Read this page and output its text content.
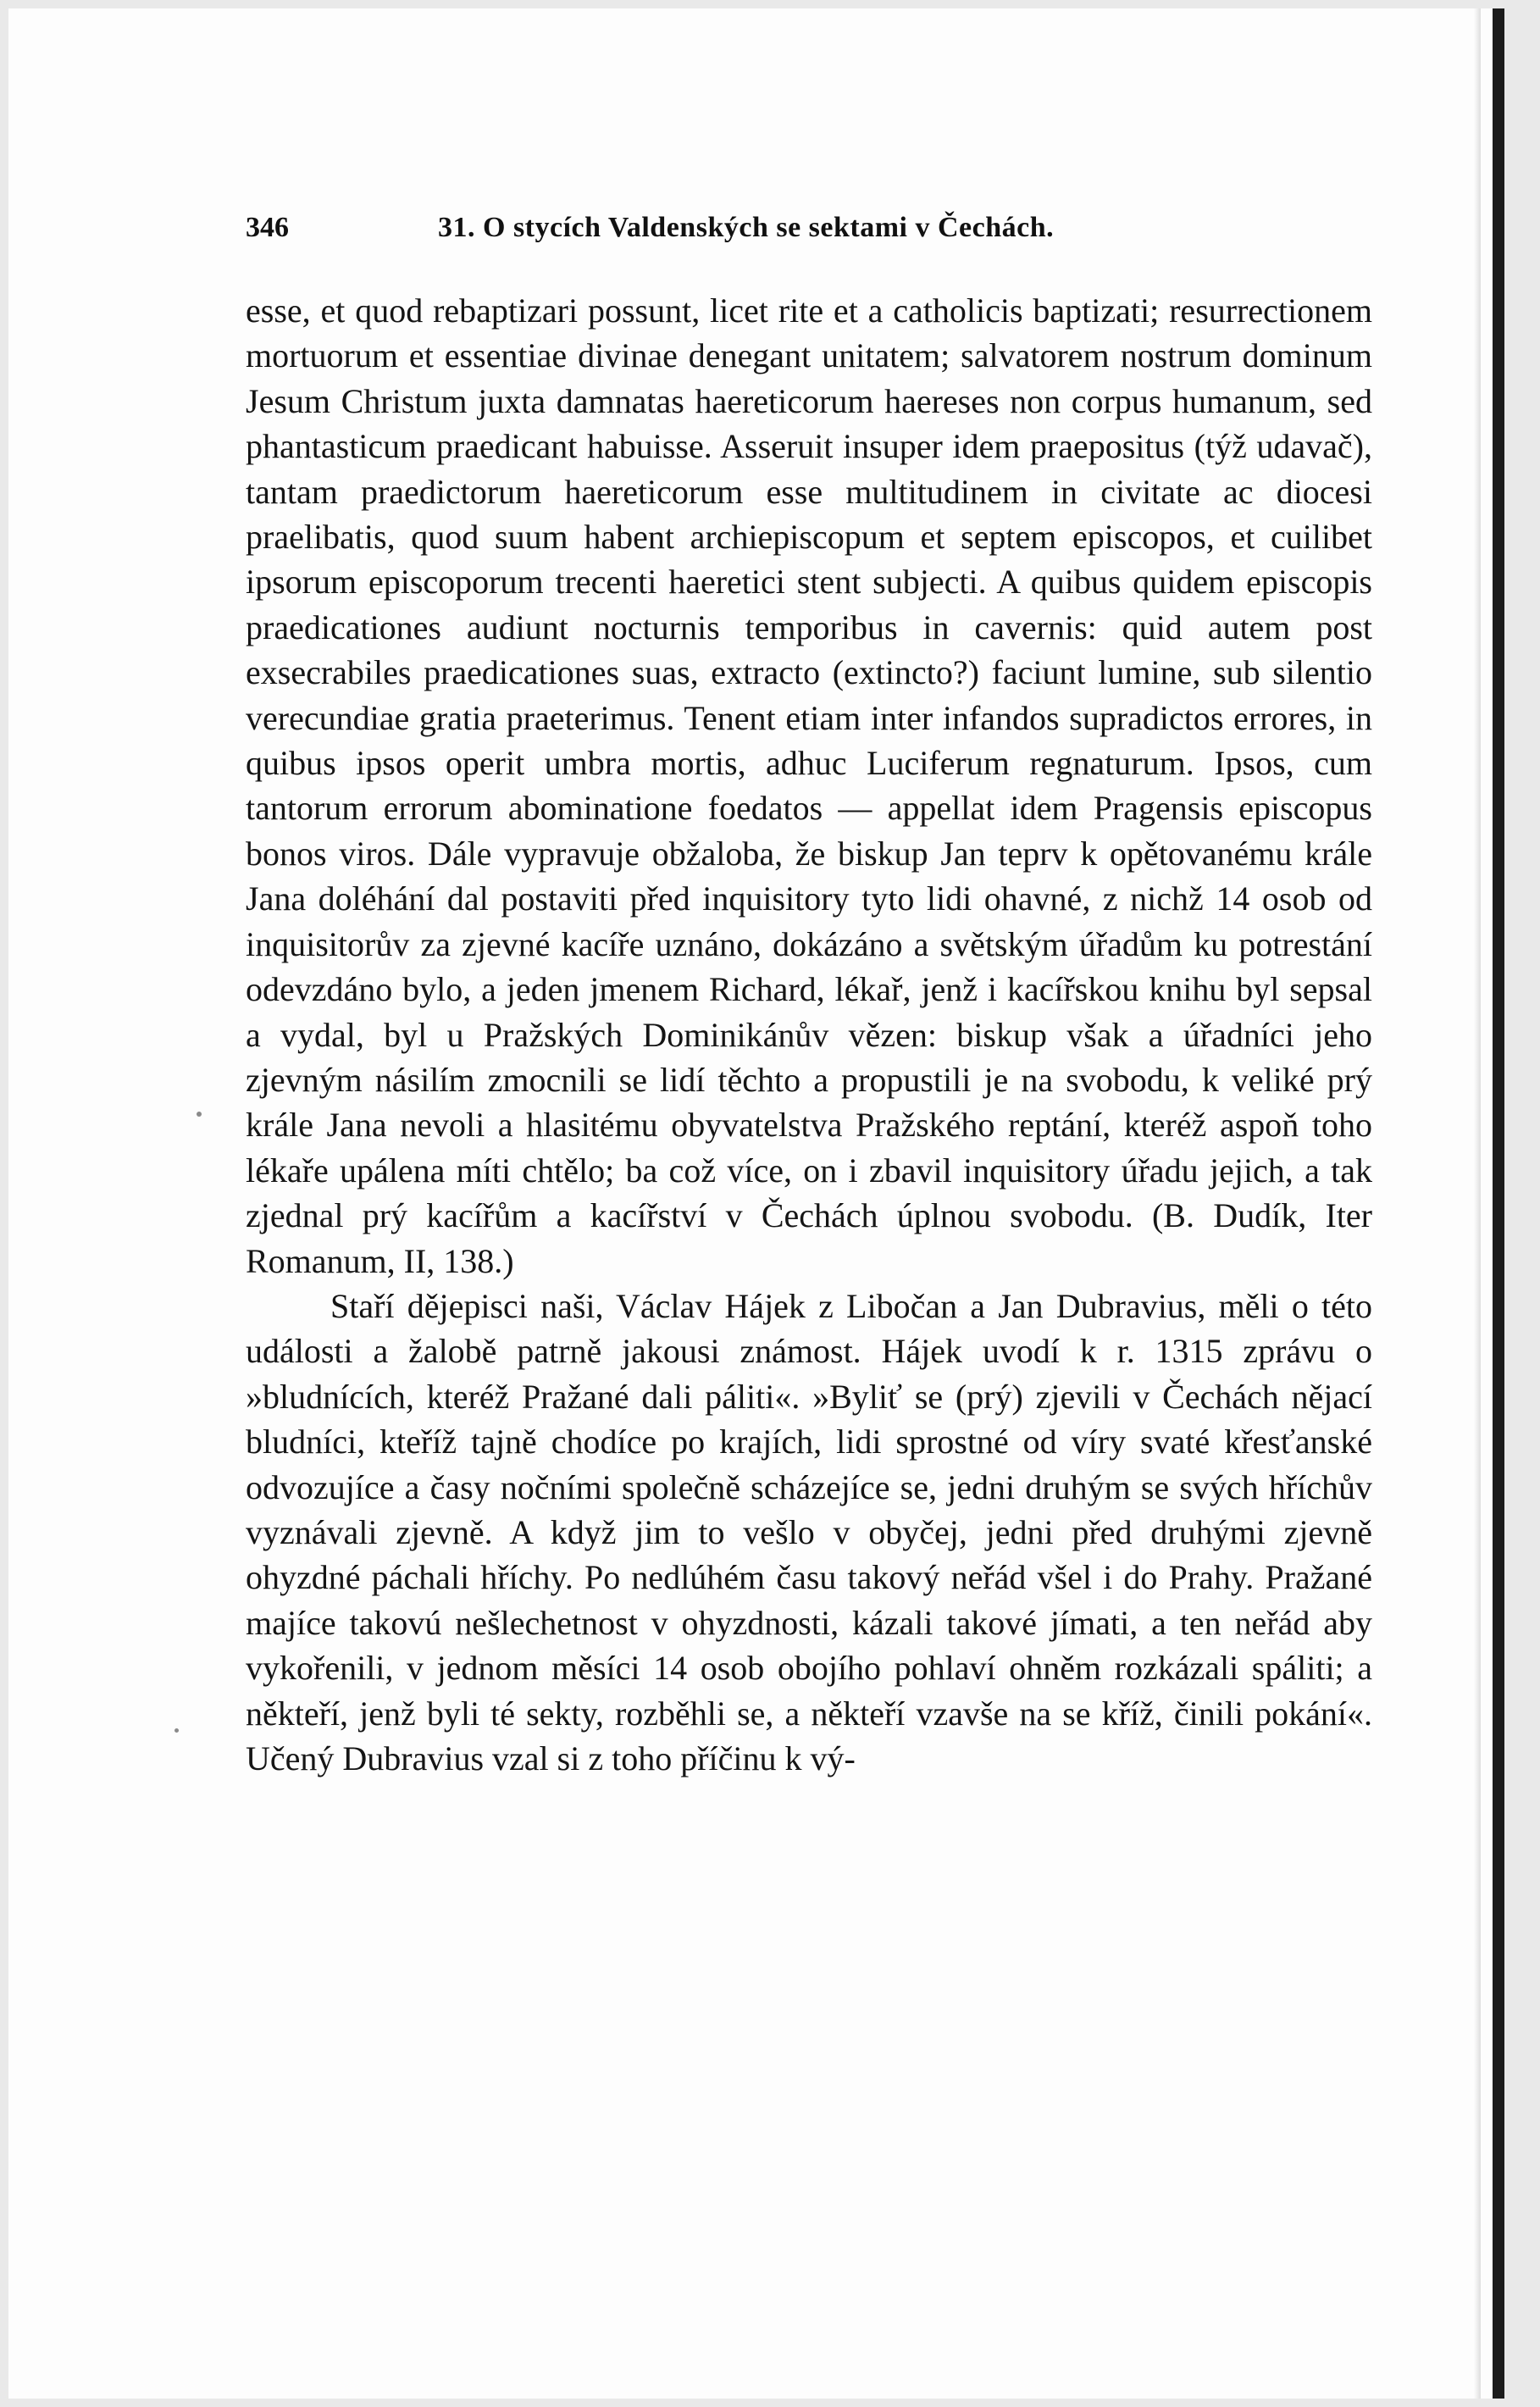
346	31. O stycích Valdenských se sektami v Čechách.

esse, et quod rebaptizari possunt, licet rite et a catholicis baptizati; resurrectionem mortuorum et essentiae divinae denegant unitatem; salvatorem nostrum dominum Jesum Christum juxta damnatas haereticorum haereses non corpus humanum, sed phantasticum praedicant habuisse. Asseruit insuper idem praepositus (týž udavač), tantam praedictorum haereticorum esse multitudinem in civitate ac diocesi praelibatis, quod suum habent archiepiscopum et septem episcopos, et cuilibet ipsorum episcoporum trecenti haeretici stent subjecti. A quibus quidem episcopis praedicationes audiunt nocturnis temporibus in cavernis: quid autem post exsecrabiles praedicationes suas, extracto (extincto?) faciunt lumine, sub silentio verecundiae gratia praeterimus. Tenent etiam inter infandos supradictos errores, in quibus ipsos operit umbra mortis, adhuc Luciferum regnaturum. Ipsos, cum tantorum errorum abominatione foedatos — appellat idem Pragensis episcopus bonos viros. Dále vypravuje obžaloba, že biskup Jan teprv k opětovanému krále Jana doléhání dal postaviti před inquisitory tyto lidi ohavné, z nichž 14 osob od inquisitorův za zjevné kacíře uznáno, dokázáno a světským úřadům ku potrestání odevzdáno bylo, a jeden jmenem Richard, lékař, jenž i kacířskou knihu byl sepsal a vydal, byl u Pražských Dominikánův vězen: biskup však a úřadníci jeho zjevným násilím zmocnili se lidí těchto a propustili je na svobodu, k veliké prý krále Jana nevoli a hlasitému obyvatelstva Pražského reptání, kteréž aspoň toho lékaře upálena míti chtělo; ba což více, on i zbavil inquisitory úřadu jejich, a tak zjednal prý kacířům a kacířství v Čechách úplnou svobodu. (B. Dudík, Iter Romanum, II, 138.)

Staří dějepisci naši, Václav Hájek z Libočan a Jan Dubravius, měli o této události a žalobě patrně jakousi známost. Hájek uvodí k r. 1315 zprávu o »bludnících, kteréž Pražané dali páliti«. »Byliť se (prý) zjevili v Čechách nějací bludníci, kteříž tajně chodíce po krajích, lidi sprostné od víry svaté křesťanské odvozujíce a časy nočními společně scházejíce se, jedni druhým se svých hříchův vyznávali zjevně. A když jim to vešlo v obyčej, jedni před druhými zjevně ohyzdné páchali hříchy. Po nedlúhém času takový neřád všel i do Prahy. Pražané majíce takovú nešlechetnost v ohyzdnosti, kázali takové jímati, a ten neřád aby vykořenili, v jednom měsíci 14 osob obojího pohlaví ohněm rozkázali spáliti; a někteří, jenž byli té sekty, rozběhli se, a někteří vzavše na se kříž, činili pokání«. Učený Dubravius vzal si z toho příčinu k vý-
